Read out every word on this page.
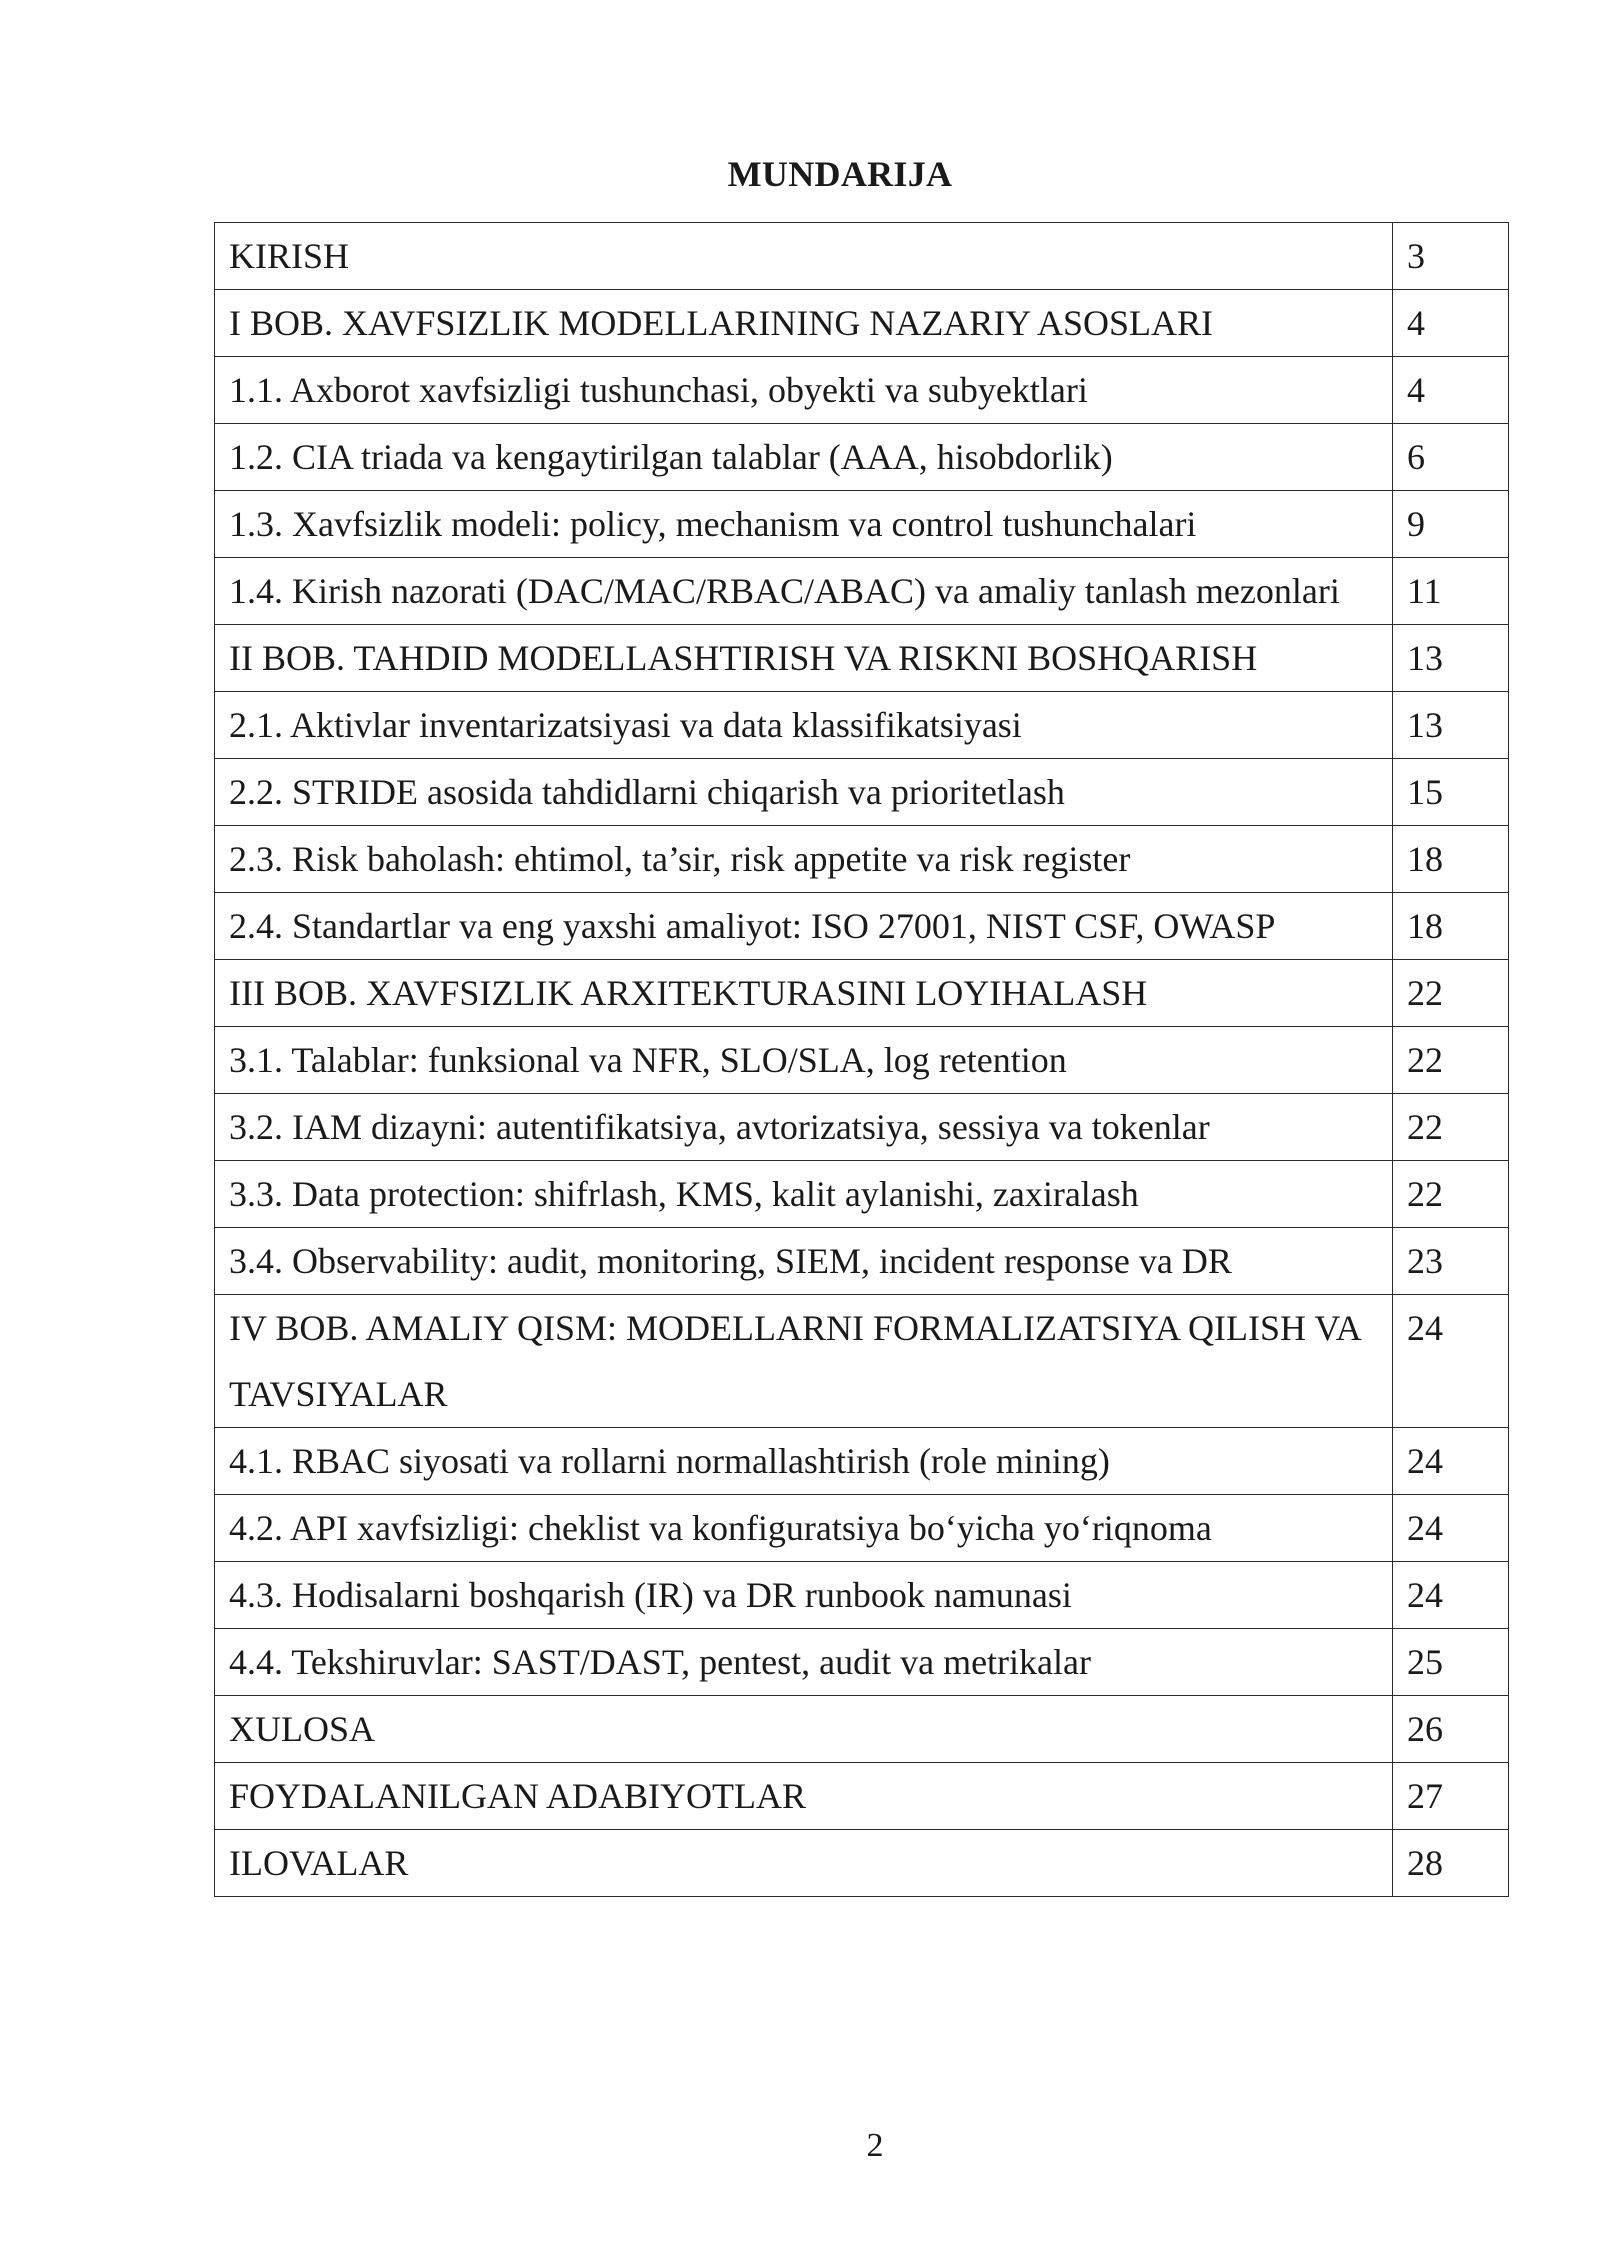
MUNDARIJA
KIRISH	3
I BOB. XAVFSIZLIK MODELLARINING NAZARIY ASOSLARI	4
1.1. Axborot xavfsizligi tushunchasi, obyekti va subyektlari	4
1.2. CIA triada va kengaytirilgan talablar (AAA, hisobdorlik)	6
1.3. Xavfsizlik modeli: policy, mechanism va control tushunchalari	9
1.4. Kirish nazorati (DAC/MAC/RBAC/ABAC) va amaliy tanlash mezonlari	11
II BOB. TAHDID MODELLASHTIRISH VA RISKNI BOSHQARISH	13
2.1. Aktivlar inventarizatsiyasi va data klassifikatsiyasi	13
2.2. STRIDE asosida tahdidlarni chiqarish va prioritetlash	15
2.3. Risk baholash: ehtimol, ta’sir, risk appetite va risk register	18
2.4. Standartlar va eng yaxshi amaliyot: ISO 27001, NIST CSF, OWASP	18
III BOB. XAVFSIZLIK ARXITEKTURASINI LOYIHALASH	22
3.1. Talablar: funksional va NFR, SLO/SLA, log retention	22
3.2. IAM dizayni: autentifikatsiya, avtorizatsiya, sessiya va tokenlar	22
3.3. Data protection: shifrlash, KMS, kalit aylanishi, zaxiralash	22
3.4. Observability: audit, monitoring, SIEM, incident response va DR	23
IV BOB. AMALIY QISM: MODELLARNI FORMALIZATSIYA QILISH VA TAVSIYALAR	24
4.1. RBAC siyosati va rollarni normallashtirish (role mining)	24
4.2. API xavfsizligi: cheklist va konfiguratsiya bo‘yicha yo‘riqnoma	24
4.3. Hodisalarni boshqarish (IR) va DR runbook namunasi	24
4.4. Tekshiruvlar: SAST/DAST, pentest, audit va metrikalar	25
XULOSA	26
FOYDALANILGAN ADABIYOTLAR	27
ILOVALAR	28
2
